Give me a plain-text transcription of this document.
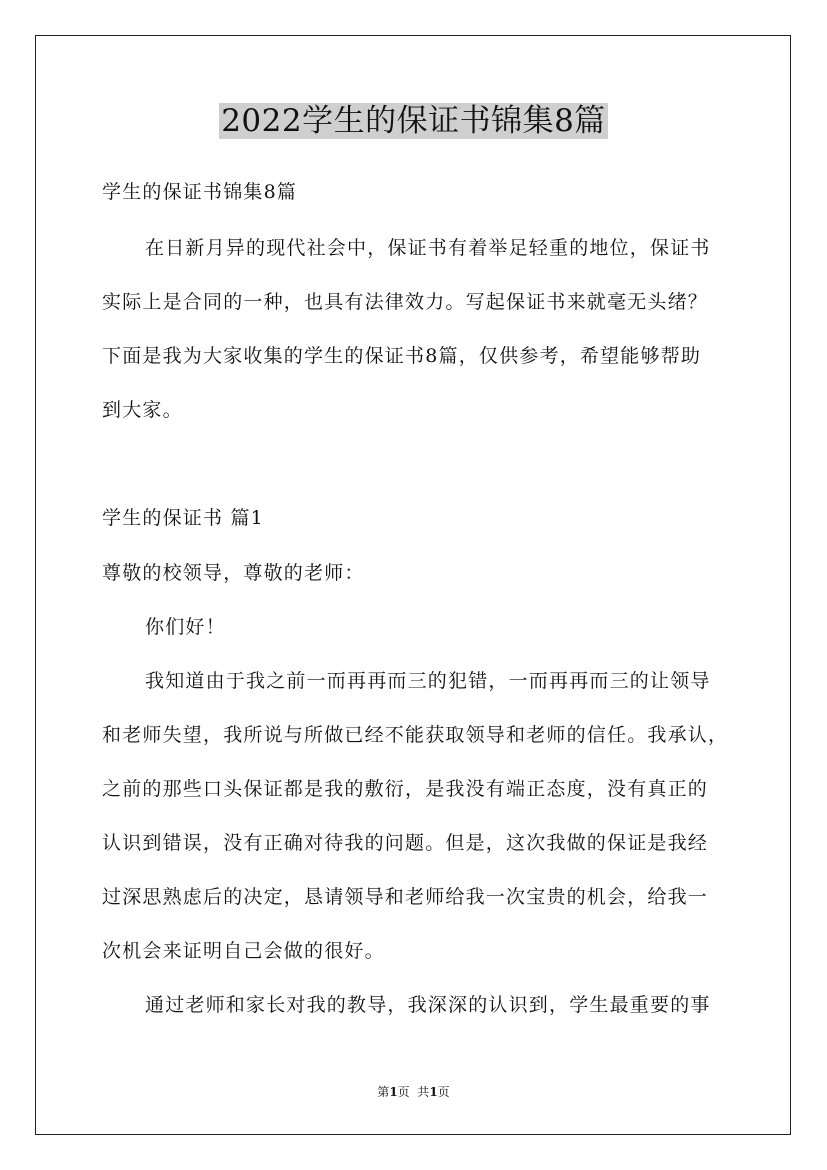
2022学生的保证书锦集8篇
学生的保证书锦集8篇
在日新月异的现代社会中，保证书有着举足轻重的地位，保证书
实际上是合同的一种，也具有法律效力。写起保证书来就毫无头绪？
下面是我为大家收集的学生的保证书8篇，仅供参考，希望能够帮助
到大家。
学生的保证书 篇1
尊敬的校领导，尊敬的老师：
你们好！
我知道由于我之前一而再再而三的犯错，一而再再而三的让领导
和老师失望，我所说与所做已经不能获取领导和老师的信任。我承认，
之前的那些口头保证都是我的敷衍，是我没有端正态度，没有真正的
认识到错误，没有正确对待我的问题。但是，这次我做的保证是我经
过深思熟虑后的决定，恳请领导和老师给我一次宝贵的机会，给我一
次机会来证明自己会做的很好。
通过老师和家长对我的教导，我深深的认识到，学生最重要的事
第1页  共1页
